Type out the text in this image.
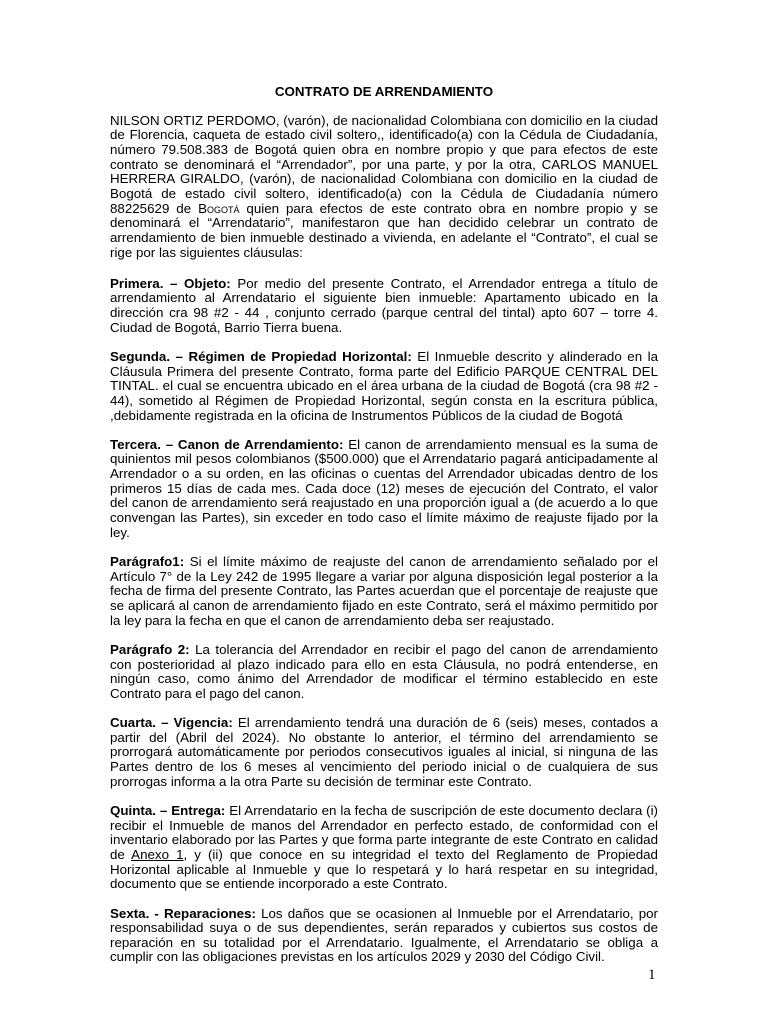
CONTRATO DE ARRENDAMIENTO

NILSON ORTIZ PERDOMO, (varón), de nacionalidad Colombiana con domicilio en la ciudad de Florencia, caqueta de estado civil soltero,, identificado(a) con la Cédula de Ciudadanía, número 79.508.383 de Bogotá quien obra en nombre propio y que para efectos de este contrato se denominará el “Arrendador”, por una parte, y por la otra, CARLOS MANUEL HERRERA GIRALDO, (varón), de nacionalidad Colombiana con domicilio en la ciudad de Bogotá de estado civil soltero, identificado(a) con la Cédula de Ciudadanía número 88225629 de Bogotá quien para efectos de este contrato obra en nombre propio y se denominará el “Arrendatario”, manifestaron que han decidido celebrar un contrato de arrendamiento de bien inmueble destinado a vivienda, en adelante el “Contrato”, el cual se rige por las siguientes cláusulas:

Primera. – Objeto: Por medio del presente Contrato, el Arrendador entrega a título de arrendamiento al Arrendatario el siguiente bien inmueble: Apartamento ubicado en la dirección cra 98 #2 - 44 , conjunto cerrado (parque central del tintal) apto 607 – torre 4. Ciudad de Bogotá, Barrio Tierra buena.

Segunda. – Régimen de Propiedad Horizontal: El Inmueble descrito y alinderado en la Cláusula Primera del presente Contrato, forma parte del Edificio PARQUE CENTRAL DEL TINTAL. el cual se encuentra ubicado en el área urbana de la ciudad de Bogotá (cra 98 #2 - 44), sometido al Régimen de Propiedad Horizontal, según consta en la escritura pública, ,debidamente registrada en la oficina de Instrumentos Públicos de la ciudad de Bogotá

Tercera. – Canon de Arrendamiento: El canon de arrendamiento mensual es la suma de quinientos mil pesos colombianos ($500.000) que el Arrendatario pagará anticipadamente al Arrendador o a su orden, en las oficinas o cuentas del Arrendador ubicadas dentro de los primeros 15 días de cada mes. Cada doce (12) meses de ejecución del Contrato, el valor del canon de arrendamiento será reajustado en una proporción igual a (de acuerdo a lo que convengan las Partes), sin exceder en todo caso el límite máximo de reajuste fijado por la ley.

Parágrafo1: Si el límite máximo de reajuste del canon de arrendamiento señalado por el Artículo 7° de la Ley 242 de 1995 llegare a variar por alguna disposición legal posterior a la fecha de firma del presente Contrato, las Partes acuerdan que el porcentaje de reajuste que se aplicará al canon de arrendamiento fijado en este Contrato, será el máximo permitido por la ley para la fecha en que el canon de arrendamiento deba ser reajustado.

Parágrafo 2: La tolerancia del Arrendador en recibir el pago del canon de arrendamiento con posterioridad al plazo indicado para ello en esta Cláusula, no podrá entenderse, en ningún caso, como ánimo del Arrendador de modificar el término establecido en este Contrato para el pago del canon.

Cuarta. – Vigencia: El arrendamiento tendrá una duración de 6 (seis) meses, contados a partir del (Abril del 2024). No obstante lo anterior, el término del arrendamiento se prorrogará automáticamente por periodos consecutivos iguales al inicial, si ninguna de las Partes dentro de los 6 meses al vencimiento del periodo inicial o de cualquiera de sus prorrogas informa a la otra Parte su decisión de terminar este Contrato.

Quinta. – Entrega: El Arrendatario en la fecha de suscripción de este documento declara (i) recibir el Inmueble de manos del Arrendador en perfecto estado, de conformidad con el inventario elaborado por las Partes y que forma parte integrante de este Contrato en calidad de Anexo 1, y (ii) que conoce en su integridad el texto del Reglamento de Propiedad Horizontal aplicable al Inmueble y que lo respetará y lo hará respetar en su integridad, documento que se entiende incorporado a este Contrato.

Sexta. - Reparaciones: Los daños que se ocasionen al Inmueble por el Arrendatario, por responsabilidad suya o de sus dependientes, serán reparados y cubiertos sus costos de reparación en su totalidad por el Arrendatario. Igualmente, el Arrendatario se obliga a cumplir con las obligaciones previstas en los artículos 2029 y 2030 del Código Civil.

1
